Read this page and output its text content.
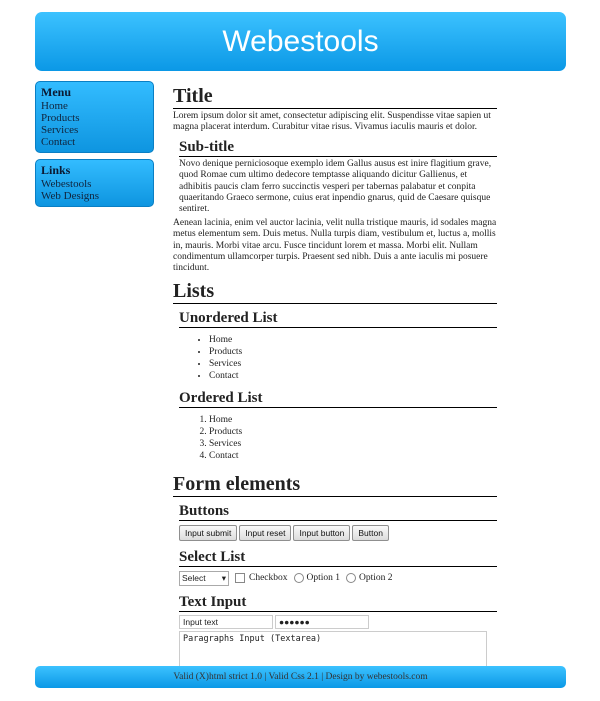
Webestools
Menu
Home
Products
Services
Contact
Links
Webestools
Web Designs
Title

Lorem ipsum dolor sit amet, consectetur adipiscing elit. Suspendisse vitae sapien ut magna placerat interdum. Curabitur vitae risus. Vivamus iaculis mauris et dolor.

Sub-title

Novo denique perniciosoque exemplo idem Gallus ausus est inire flagitium grave, quod Romae cum ultimo dedecore temptasse aliquando dicitur Gallienus, et adhibitis paucis clam ferro succinctis vesperi per tabernas palabatur et conpita quaeritando Graeco sermone, cuius erat inpendio gnarus, quid de Caesare quisque sentiret.

Aenean lacinia, enim vel auctor lacinia, velit nulla tristique mauris, id sodales magna metus elementum sem. Duis metus. Nulla turpis diam, vestibulum et, luctus a, mollis in, mauris. Morbi vitae arcu. Fusce tincidunt lorem et massa. Morbi elit. Nullam condimentum ullamcorper turpis. Praesent sed nibh. Duis a ante iaculis mi posuere tincidunt.

Lists
Unordered List
• Home
• Products
• Services
• Contact
Ordered List
1. Home
2. Products
3. Services
4. Contact
Form elements
Buttons
Input submit	Input reset	Input button	Button
Select List
Select ▾ Checkbox Option 1 Option 2
Text Input
Input text	●●●●●●
Paragraphs Input (Textarea)
Valid (X)html strict 1.0 | Valid Css 2.1 | Design by webestools.com
